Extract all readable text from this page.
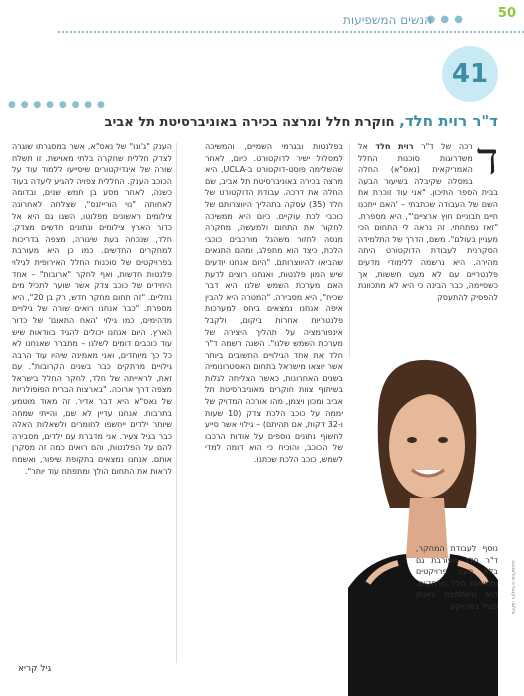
50
● ● ●
הנשים המשפיעות
● ● ● ● ● ● ● ●
41
ד"ר רוית חלד, חוקרת חלל ומרצה בכירה באוניברסיטת תל אביב
ד
רכה של ד"ר רוית חלד אל משדרוגות סוכנות החלל האמריקאית (נאס"א) החלה במסלה שקיבלה בשיעור הבעה בבית הספר התיכון. "אני עוד זוכרת את השם של העבודה שכתבתי – 'האם ייתכנו חיים תבוניים חוץ ארציים'", היא מספרת. "זאז נפתחתי. זה נראה לי התחום הכי מעניין בעולם". משם, הדרך של התלמידה הסקרנית לעבודת הדוקטורט היתה מהירה. היא נרשמה ללימודי מדעים פלנטריים עם לא מעט חששות, אך כשסיימה, כבר הבינה כי היא לא מתכוונת להפסיק להתעסק
בפלנטות ובגרמי השמיים, והמשיכה למסלול ישיר לדוקטורט. כיום, לאחר שהשלימה פוסט-דוקטורט ב-UCLA, היא מרצה בכירה באוניברסיטת תל אביב, שם החלה את דרכה. עבודת הדוקטורט של חלד (35) עסקה בתהליך היווצרותם של כוכבי לכת עוקיים. כיום היא ממשיכה לחקור את התחום ולמעשה, מחקרה מנסה לחזור משהגל מורכבים כוכבי הלכת, כיצד הוא מתפלג, ומהם התנאים שהביאו להיווצרותם. "היום אנחנו יודעים שיש המון פלנטות, ואנחנו רוצים לדעת האם מערכת השמש שלנו היא דבר שכיח", היא מסבירה. "המטרה היא להבין איפה אנחנו נמצאים ביחס למערכות פלנטריות אחרות ביקום, ולקבל אינפורמציה על תהליך היצירה של מערכת השמש שלנו". השנה רשמה ד"ר חלד את אחד הגילויים החשובים ביותר אשר יוצאו מישראל בתחום האסטרונומיה בשנים האחרונות, כאשר הצליחה לגלות בשיתוף צוות חוקרים מאוניברסיטת תל אביב ומכון ויצמן, מהו אורכה המדויק של יממה על כוכב הלכת צדק (10 שעות ו-32 דקות, אם תהיתם) – גילוי אשר סייע לחשוף נתונים נוספים על אודות הרכבו של הכוכב, והוכיח כי הוא דומה למדי לשמש, כוכב הלכת שכתנו.
הענק "ג'ונו" של נאס"א, אשר במסגרתו שוגרה לצדק חללית שחקרה בלתי מאוישת. זו תשלח שורה של אינדיקטורים שיסייעו ללמוד עוד על הכוכב הענק. החללית צפויה להגיע ליעדה בעוד כשנה, לאחר מסע בן חמש שנים, ובדומה לאחותה "נוי הורייזנס", שצלחה לאחרונה צילומים ראשונים מפלוטו, השגו גם היא אל כדור הארץ צילומים ונתונים חדשים מצדק. חלד, שנכחה בעת שיגורה, מצפה בדריכות למחקרים החדשים. כמו כן היא מעורבת בפרויקטים של סוכנות החלל האירופית לגילוי פלנטות חדשות, ואף לחקר "ארובות" – אחד היחידים של כוכב צדק אשר שוער לתכיל מים נוזליים. "זה תחום מחקר חדש, רק בן 20", היא מספרת. "כבר אנחנו רואים שורה של גילויים מדהימים, כמו גילוי 'האח התאום' של כדור הארץ. היום אנחנו יכולים להגיד בוודאות שיש עוד כוכבים דומים לשלנו – מתברר שאנחנו לא כל כך מיוחדים, ואני מאמינה שיהיו עוד הרבה גילויים מרתקים כבר בשנים הקרובות". עם זאת, לראייתה של חלד, לחקר החלל בישראל מצפה דרך ארוכה. "בארצות הברית הפופולריות של נאס"א היא דבר אדיר. זה מאוד מוטמע בתרבות. אנחנו עדיין לא שם, והייתי שמחה שיותר ילדים ייחשפו לחומרים ולשאלות האלה כבר בגיל צעיר. אני מדברת עם ילדים, מסבירה להם על הפלנטות, והם רואים כמה זה מסקרן אותם. אנחנו נמצאים בתקופת שיפור, ואשמח לראות את התחום הולך ומתפתח עוד יותר".
נוסף לעבודת המחקר, ד"ר חלד מעורבת גם בלא מעט פרויקטים ומשימות חלל מרתקים. היא משתתפת באופן פעיל בפרויקט צילום: ויקטוריה סולומונוב
גיל קריא
